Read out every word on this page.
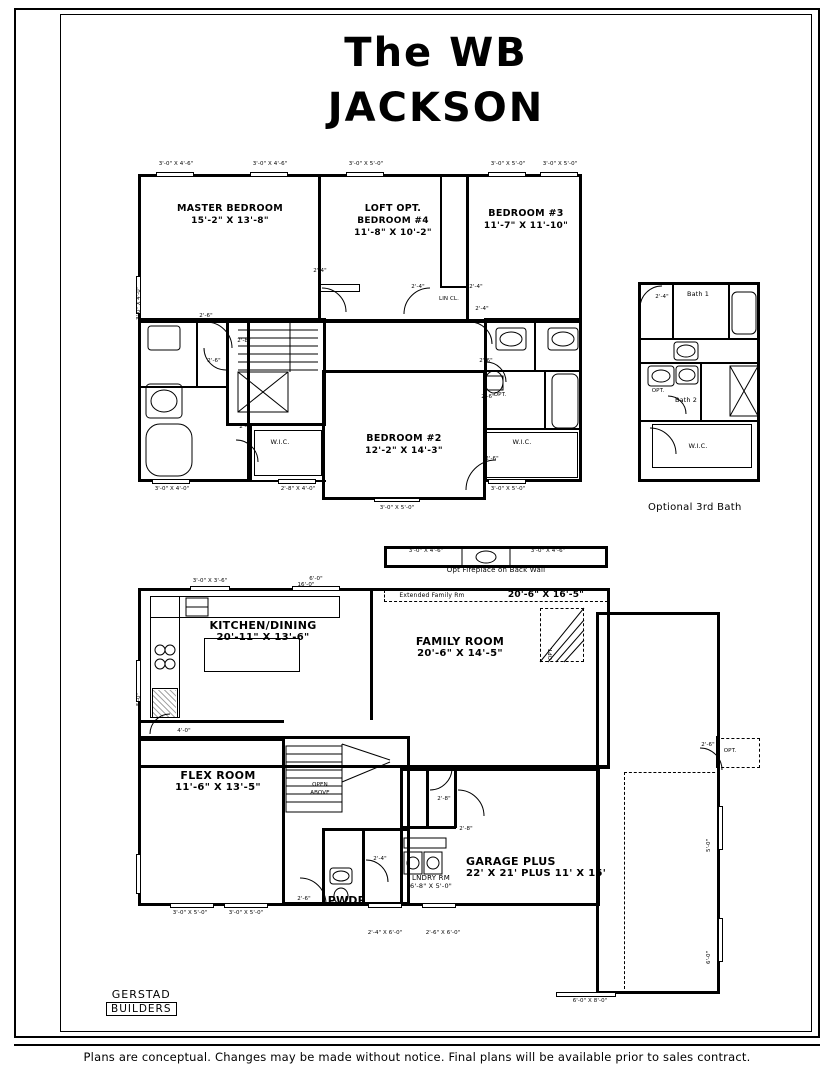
The WB
JACKSON
3'-0" X 4'-6"	3'-0" X 4'-6"	3'-0" X 5'-0"	3'-0" X 5'-0"	3'-0" X 5'-0"
3'-0" X 4'-0"
3'-0" X 4'-0"	2'-8" X 4'-0"	3'-0" X 5'-0"
3'-0" X 5'-0"
2'-6"
2'-6"
2'-4"
2'-4"	2'-4"
2'-4"
2'-6"
2'-6"
2'-4"
2'-8"
2'-6"
OPT.
MASTER BEDROOM
15'-2" X 13'-8"
LOFT OPT.
BEDROOM #4
11'-8" X 10'-2"
BEDROOM #3
11'-7" X 11'-10"
BEDROOM #2
12'-2" X 14'-3"
W.I.C.	W.I.C.
LIN CL.	2'-4"	Bath 1
Bath 2
W.I.C.
OPT.
Optional 3rd Bath
3'-0" X 4'-6"	3'-0" X 4'-6"
Opt Fireplace on Back Wall
Extended Family Rm	20'-6" X 16'-5"
OPT.
3'-0" X 3'-6"	6'-0"
5'-0"
3'-0" X 5'-0"	3'-0" X 5'-0"
2'-4" X 6'-0"	2'-6" X 6'-0"
6'-0" X 8'-0"
5'-0"
6'-0"
16'-0"
4'-0"
2'-8"
2'-8"
2'-4"
2'-6"
2'-6"
OPT.
OPEN
ABOVE
KITCHEN/DINING
20'-11" X 13'-6"	FAMILY ROOM
20'-6" X 14'-5"
FLEX ROOM
11'-6" X 13'-5"
GARAGE PLUS
22' X 21' PLUS 11' X 15'
PWDR
LNDRY RM
6'-8" X 5'-0"
GERSTAD
BUILDERS
Plans are conceptual. Changes may be made without notice. Final plans will be available prior to sales contract.
